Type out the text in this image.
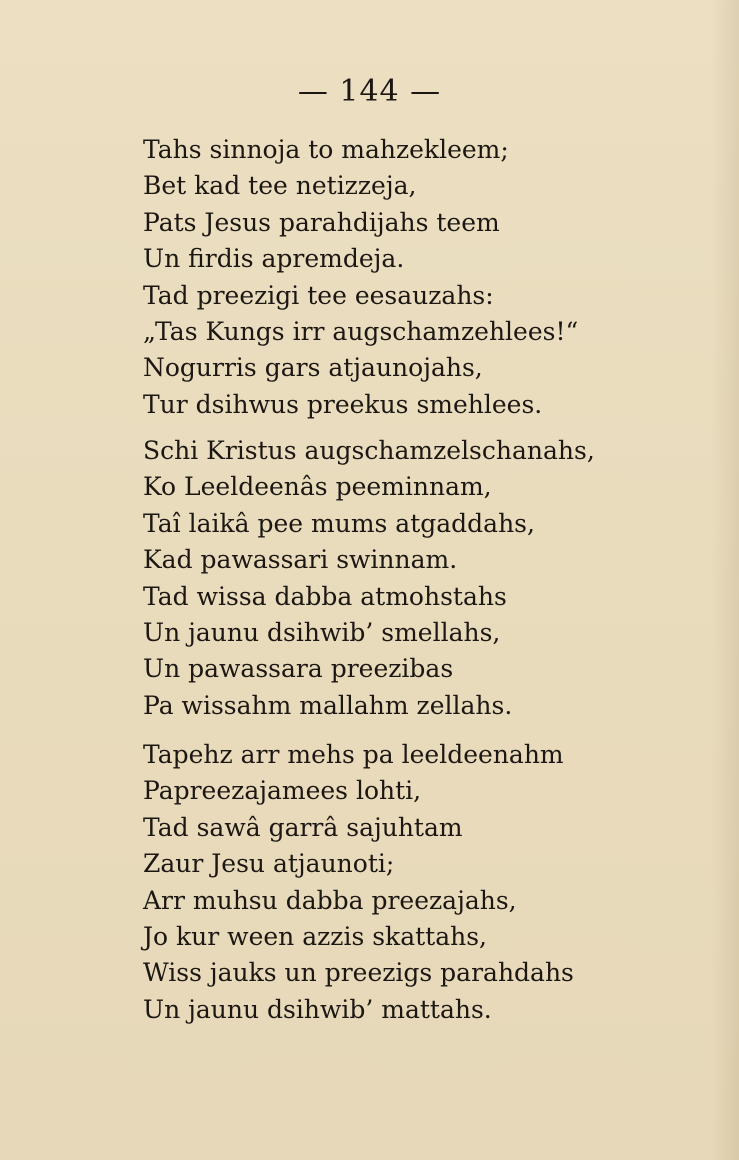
— 144 —
Tahs sinnoja to mahzekleem;
Bet kad tee netizzeja,
Pats Jesus parahdijahs teem
Un firdis apremdeja.
Tad preezigi tee eesauzahs:
„Tas Kungs irr augschamzehlees!“
Nogurris gars atjaunojahs,
Tur dsihwus preekus smehlees.
Schi Kristus augschamzelschanahs,
Ko Leeldeenâs peeminnam,
Taî laikâ pee mums atgaddahs,
Kad pawassari swinnam.
Tad wissa dabba atmohstahs
Un jaunu dsihwib’ smellahs,
Un pawassara preezibas
Pa wissahm mallahm zellahs.
Tapehz arr mehs pa leeldeenahm
Papreezajamees lohti,
Tad sawâ garrâ sajuhtam
Zaur Jesu atjaunoti;
Arr muhsu dabba preezajahs,
Jo kur ween azzis skattahs,
Wiss jauks un preezigs parahdahs
Un jaunu dsihwib’ mattahs.
